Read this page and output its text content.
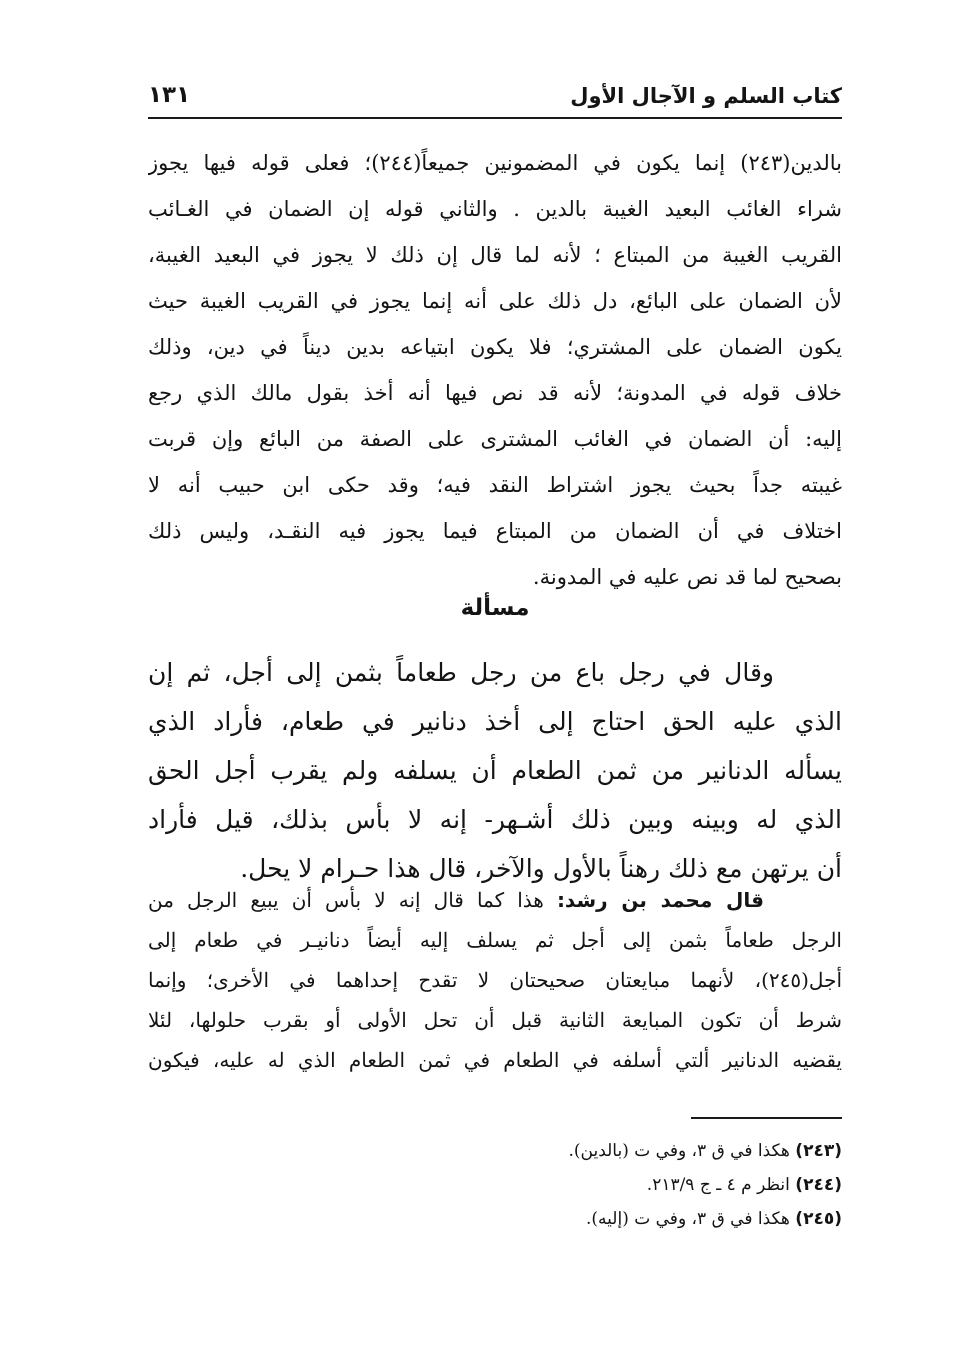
كتاب السلم و الآجال الأول
١٣١
بالدين(٢٤٣) إنما يكون في المضمونين جميعاً(٢٤٤)؛ فعلى قوله فيها يجوز
شراء الغائب البعيد الغيبة بالدين . والثاني قوله إن الضمان في الغـائب
القريب الغيبة من المبتاع ؛ لأنه لما قال إن ذلك لا يجوز في البعيد الغيبة،
لأن الضمان على البائع، دل ذلك على أنه إنما يجوز في القريب الغيبة حيث
يكون الضمان على المشتري؛ فلا يكون ابتياعه بدين ديناً في دين، وذلك
خلاف قوله في المدونة؛ لأنه قد نص فيها أنه أخذ بقول مالك الذي رجع
إليه: أن الضمان في الغائب المشترى على الصفة من البائع وإن قربت
غيبته جداً بحيث يجوز اشتراط النقد فيه؛ وقد حكى ابن حبيب أنه لا
اختلاف في أن الضمان من المبتاع فيما يجوز فيه النقـد، وليس ذلك
بصحيح لما قد نص عليه في المدونة.
مسألة
وقال في رجل باع من رجل طعاماً بثمن إلى أجل، ثم إن
الذي عليه الحق احتاج إلى أخذ دنانير في طعام، فأراد الذي
يسأله الدنانير من ثمن الطعام أن يسلفه ولم يقرب أجل الحق
الذي له وبينه وبين ذلك أشـهر- إنه لا بأس بذلك، قيل فأراد
أن يرتهن مع ذلك رهناً بالأول والآخر، قال هذا حـرام لا يحل.
قال محمد بن رشد: هذا كما قال إنه لا بأس أن يبيع الرجل من
الرجل طعاماً بثمن إلى أجل ثم يسلف إليه أيضاً دنانيـر في طعام إلى
أجل(٢٤٥)، لأنهما مبايعتان صحيحتان لا تقدح إحداهما في الأخرى؛ وإنما
شرط أن تكون المبايعة الثانية قبل أن تحل الأولى أو بقرب حلولها، لئلا
يقضيه الدنانير ألتي أسلفه في الطعام في ثمن الطعام الذي له عليه، فيكون
(٢٤٣) هكذا في ق ٣، وفي ت (بالدين).
(٢٤٤) انظر م ٤ ـ ج ٢١٣/٩.
(٢٤٥) هكذا في ق ٣، وفي ت (إليه).
